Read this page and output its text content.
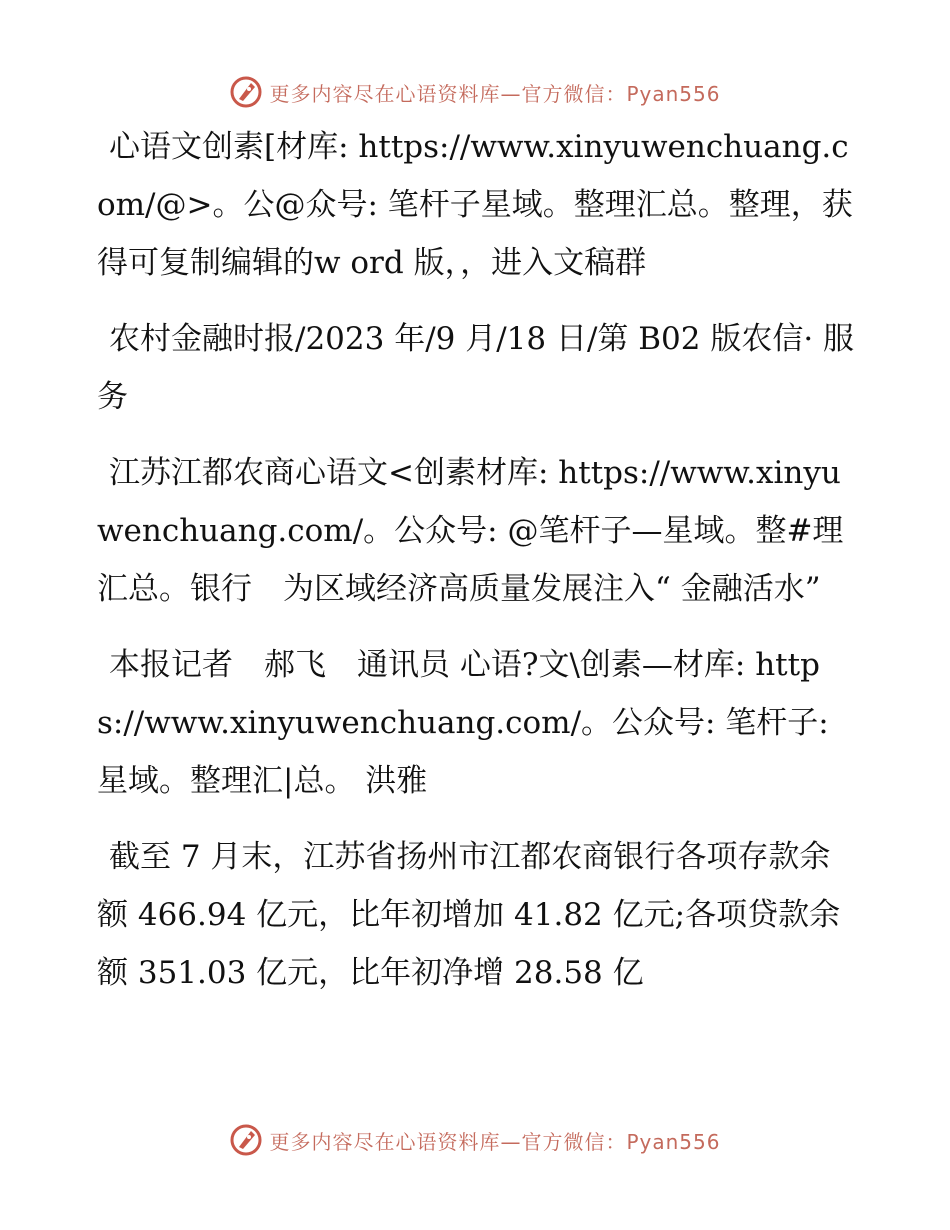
更多内容尽在心语资料库—官方微信：Pyan556

心语文创素[材库: https://www.xinyuwenchuang.com/@>。公@众号: 笔杆子星域。整理汇总。整理，获得可复制编辑的w ord 版，，进入文稿群

农村金融时报/2023 年/9 月/18 日/第 B02 版农信· 服务

江苏江都农商心语文<创素材库: https://www.xinyuwenchuang.com/。公众号: @笔杆子—星域。整#理汇总。银行　为区域经济高质量发展注入“ 金融活水”

本报记者　郝飞　通讯员 心语?文\创素—材库: https://www.xinyuwenchuang.com/。公众号: 笔杆子:星域。整理汇|总。 洪雅

截至 7 月末，江苏省扬州市江都农商银行各项存款余额 466.94 亿元，比年初增加 41.82 亿元;各项贷款余额 351.03 亿元，比年初净增 28.58 亿

更多内容尽在心语资料库—官方微信：Pyan556
